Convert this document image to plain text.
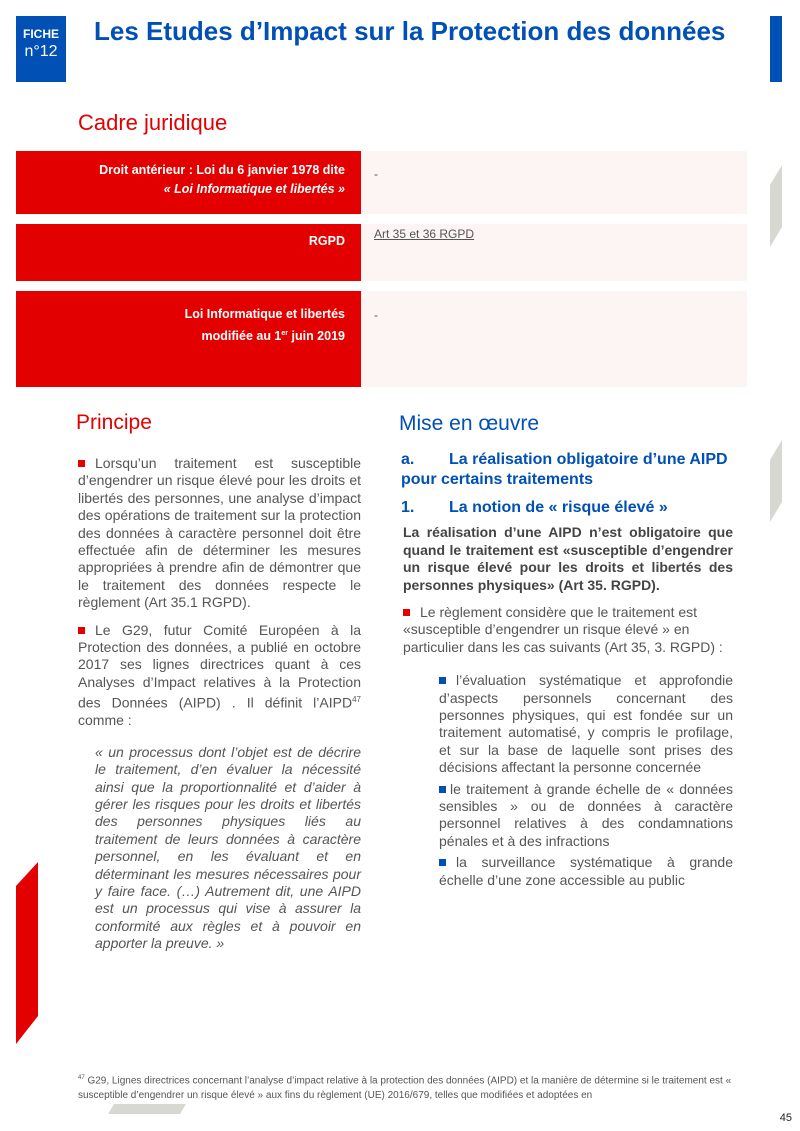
FICHE
n°12
Les Etudes d’Impact sur la Protection des données
Cadre juridique
Droit antérieur : Loi du 6 janvier 1978 dite
« Loi Informatique et libertés »
-
RGPD	Art 35 et 36 RGPD
Loi Informatique et libertés
modifiée au 1er juin 2019
-
Principe

Lorsqu’un traitement est susceptible d’engendrer un risque élevé pour les droits et libertés des personnes, une analyse d’impact des opérations de traitement sur la protection des données à caractère personnel doit être effectuée afin de déterminer les mesures appropriées à prendre afin de démontrer que le traitement des données respecte le règlement (Art 35.1 RGPD).

Le G29, futur Comité Européen à la Protection des données, a publié en octobre 2017 ses lignes directrices quant à ces Analyses d’Impact relatives à la Protection des Données (AIPD) . Il définit l’AIPD$^{47}$ comme :

« un processus dont l’objet est de décrire le traitement, d’en évaluer la nécessité ainsi que la proportionnalité et d’aider à gérer les risques pour les droits et libertés des personnes physiques liés au traitement de leurs données à caractère personnel, en les évaluant et en déterminant les mesures nécessaires pour y faire face. (…) Autrement dit, une AIPD est un processus qui vise à assurer la conformité aux règles et à pouvoir en apporter la preuve. »

Mise en œuvre
a. La réalisation obligatoire d’une AIPD pour certains traitements
1. La notion de « risque élevé »

La réalisation d’une AIPD n’est obligatoire que quand le traitement est «susceptible d’engendrer un risque élevé pour les droits et libertés des personnes physiques» (Art 35. RGPD).

Le règlement considère que le traitement est «susceptible d’engendrer un risque élevé » en particulier dans les cas suivants (Art 35, 3. RGPD) :

l’évaluation systématique et approfondie d’aspects personnels concernant des personnes physiques, qui est fondée sur un traitement automatisé, y compris le profilage, et sur la base de laquelle sont prises des décisions affectant la personne concernée

le traitement à grande échelle de « données sensibles » ou de données à caractère personnel relatives à des condamnations pénales et à des infractions

la surveillance systématique à grande échelle d’une zone accessible au public

$^{47}$ G29, Lignes directrices concernant l’analyse d’impact relative à la protection des données (AIPD) et la manière de détermine si le traitement est « susceptible d’engendrer un risque élevé » aux fins du règlement (UE) 2016/679, telles que modifiées et adoptées en
45
